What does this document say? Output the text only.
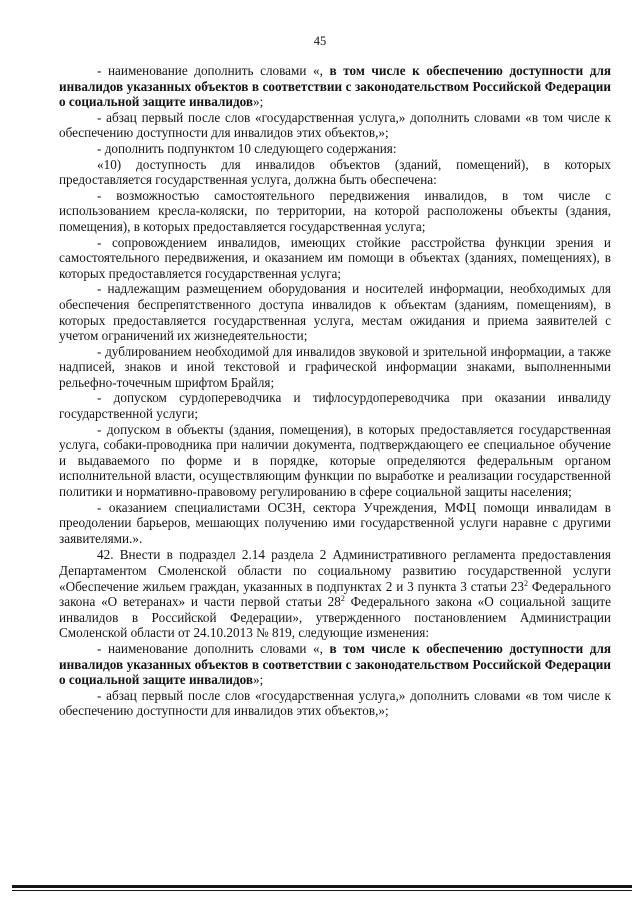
45

- наименование дополнить словами «, в том числе к обеспечению доступности для инвалидов указанных объектов в соответствии с законодательством Российской Федерации о социальной защите инвалидов»;

- абзац первый после слов «государственная услуга,» дополнить словами «в том числе к обеспечению доступности для инвалидов этих объектов,»;

- дополнить подпунктом 10 следующего содержания:

«10) доступность для инвалидов объектов (зданий, помещений), в которых предоставляется государственная услуга, должна быть обеспечена:

- возможностью самостоятельного передвижения инвалидов, в том числе с использованием кресла-коляски, по территории, на которой расположены объекты (здания, помещения), в которых предоставляется государственная услуга;

- сопровождением инвалидов, имеющих стойкие расстройства функции зрения и самостоятельного передвижения, и оказанием им помощи в объектах (зданиях, помещениях), в которых предоставляется государственная услуга;

- надлежащим размещением оборудования и носителей информации, необходимых для обеспечения беспрепятственного доступа инвалидов к объектам (зданиям, помещениям), в которых предоставляется государственная услуга, местам ожидания и приема заявителей с учетом ограничений их жизнедеятельности;

- дублированием необходимой для инвалидов звуковой и зрительной информации, а также надписей, знаков и иной текстовой и графической информации знаками, выполненными рельефно-точечным шрифтом Брайля;

- допуском сурдопереводчика и тифлосурдопереводчика при оказании инвалиду государственной услуги;

- допуском в объекты (здания, помещения), в которых предоставляется государственная услуга, собаки-проводника при наличии документа, подтверждающего ее специальное обучение и выдаваемого по форме и в порядке, которые определяются федеральным органом исполнительной власти, осуществляющим функции по выработке и реализации государственной политики и нормативно-правовому регулированию в сфере социальной защиты населения;

- оказанием специалистами ОСЗН, сектора Учреждения, МФЦ помощи инвалидам в преодолении барьеров, мешающих получению ими государственной услуги наравне с другими заявителями.».

42. Внести в подраздел 2.14 раздела 2 Административного регламента предоставления Департаментом Смоленской области по социальному развитию государственной услуги «Обеспечение жильем граждан, указанных в подпунктах 2 и 3 пункта 3 статьи $23^2$ Федерального закона «О ветеранах» и части первой статьи $28^2$ Федерального закона «О социальной защите инвалидов в Российской Федерации», утвержденного постановлением Администрации Смоленской области от 24.10.2013 № 819, следующие изменения:

- наименование дополнить словами «, в том числе к обеспечению доступности для инвалидов указанных объектов в соответствии с законодательством Российской Федерации о социальной защите инвалидов»;

- абзац первый после слов «государственная услуга,» дополнить словами «в том числе к обеспечению доступности для инвалидов этих объектов,»;
